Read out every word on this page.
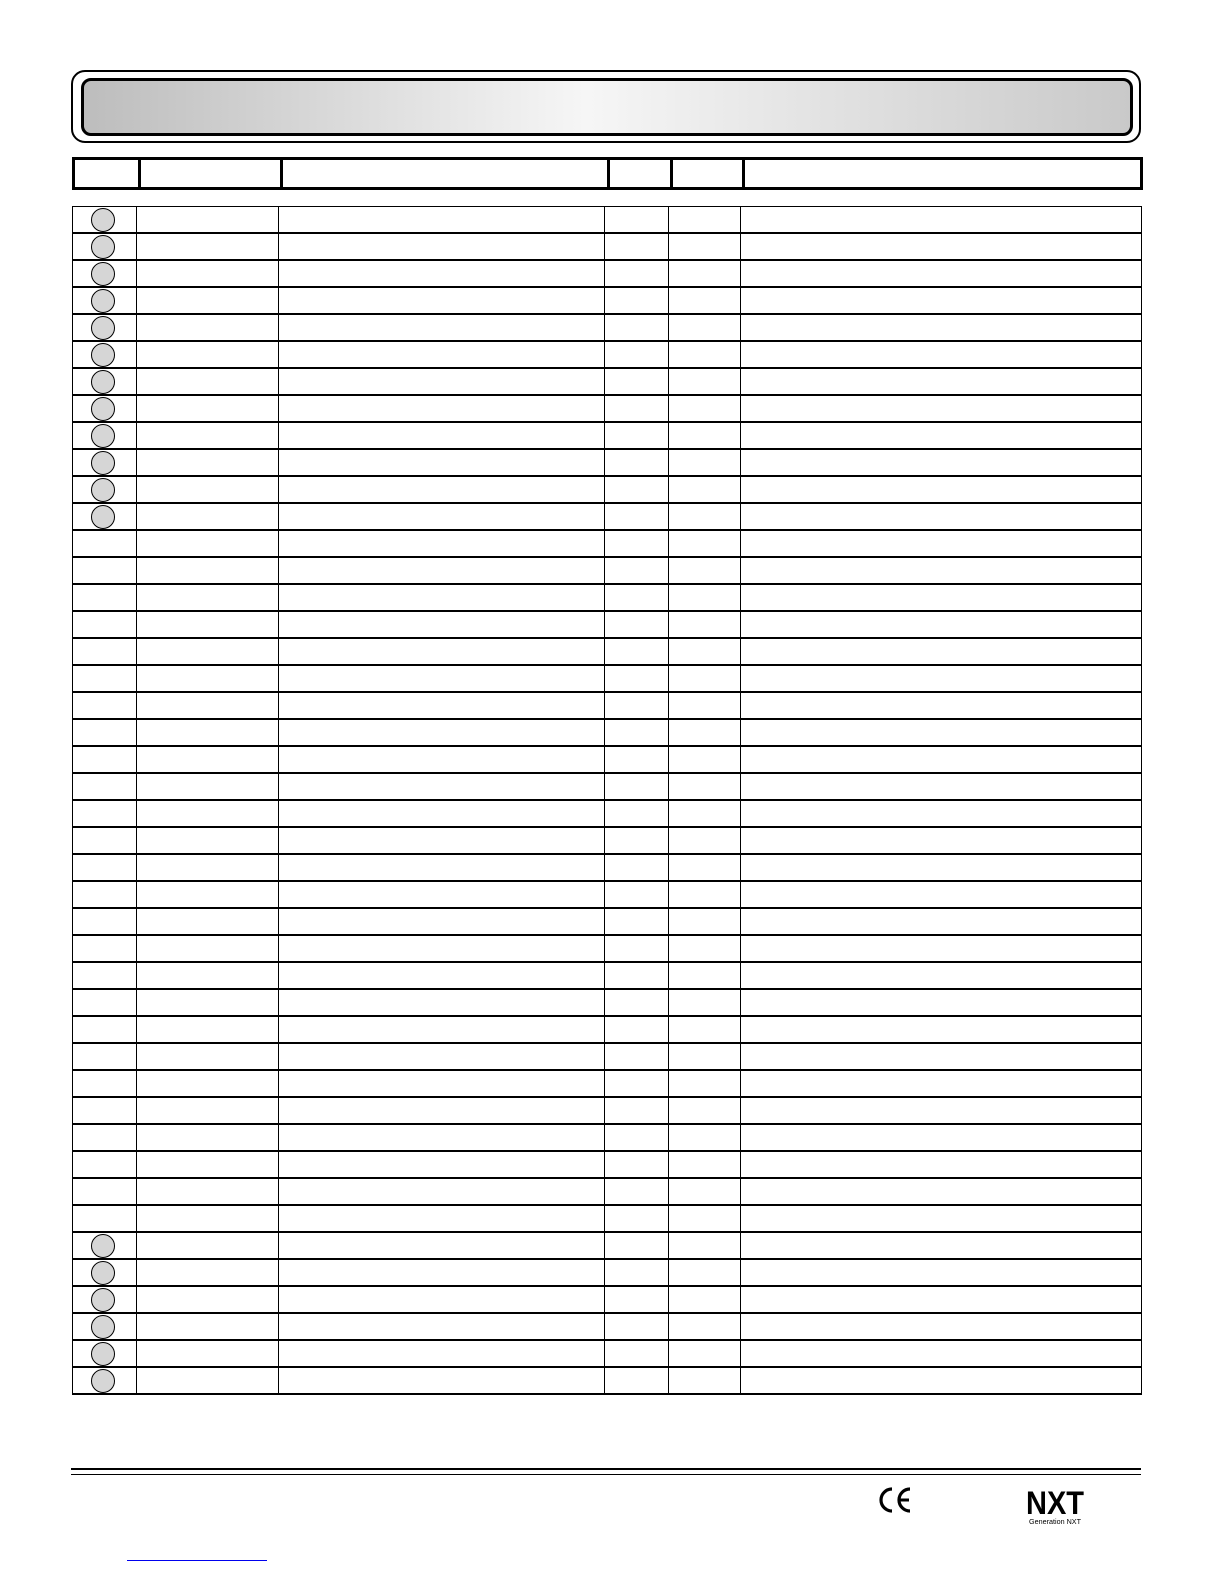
NXT
Generation NXT
